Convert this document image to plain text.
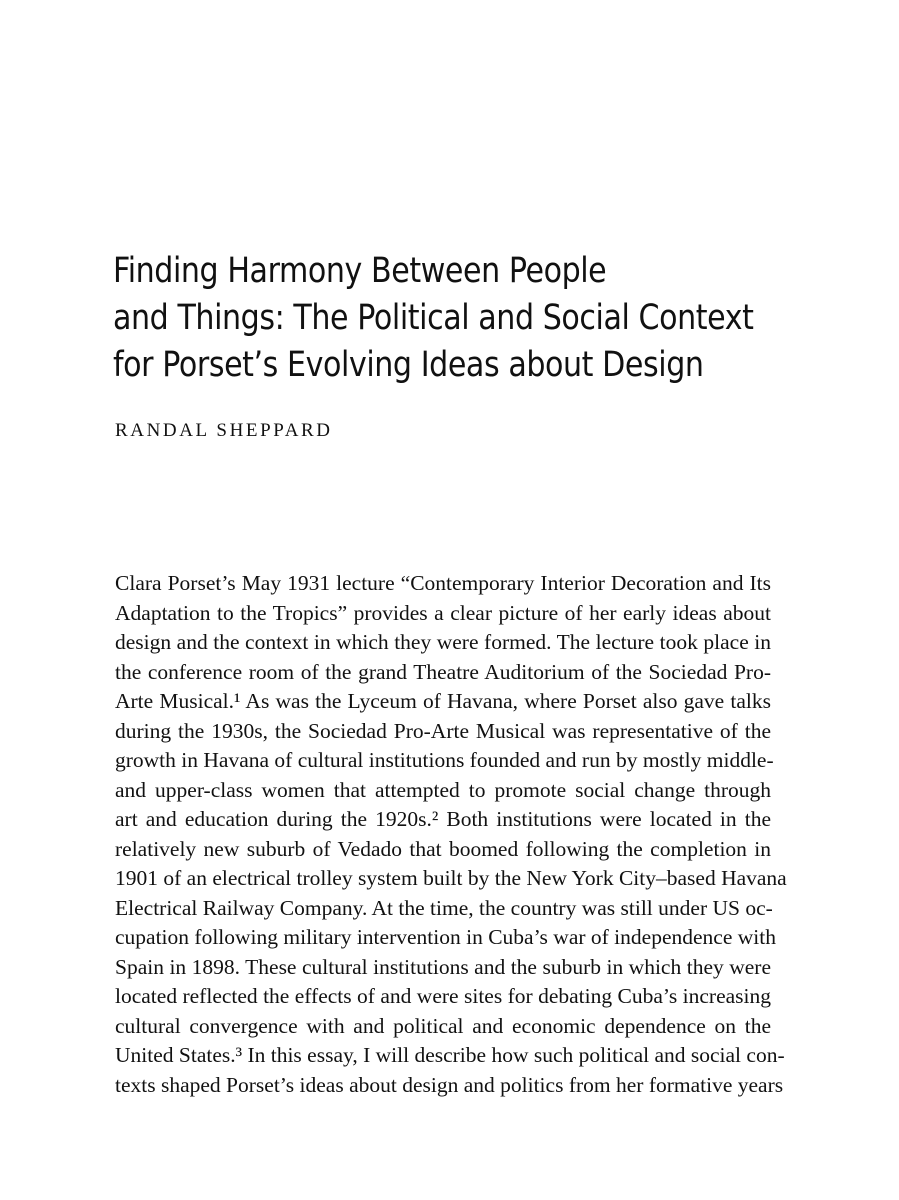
Finding Harmony Between People
and Things: The Political and Social Context
for Porset’s Evolving Ideas about Design

RANDAL SHEPPARD

Clara Porset’s May 1931 lecture “Contemporary Interior Decoration and Its
Adaptation to the Tropics” provides a clear picture of her early ideas about
design and the context in which they were formed. The lecture took place in
the conference room of the grand Theatre Auditorium of the Sociedad Pro-
Arte Musical.¹ As was the Lyceum of Havana, where Porset also gave talks
during the 1930s, the Sociedad Pro-Arte Musical was representative of the
growth in Havana of cultural institutions founded and run by mostly middle-
and upper-class women that attempted to promote social change through
art and education during the 1920s.² Both institutions were located in the
relatively new suburb of Vedado that boomed following the completion in
1901 of an electrical trolley system built by the New York City–based Havana
Electrical Railway Company. At the time, the country was still under US oc-
cupation following military intervention in Cuba’s war of independence with
Spain in 1898. These cultural institutions and the suburb in which they were
located reflected the effects of and were sites for debating Cuba’s increasing
cultural convergence with and political and economic dependence on the
United States.³ In this essay, I will describe how such political and social con-
texts shaped Porset’s ideas about design and politics from her formative years
